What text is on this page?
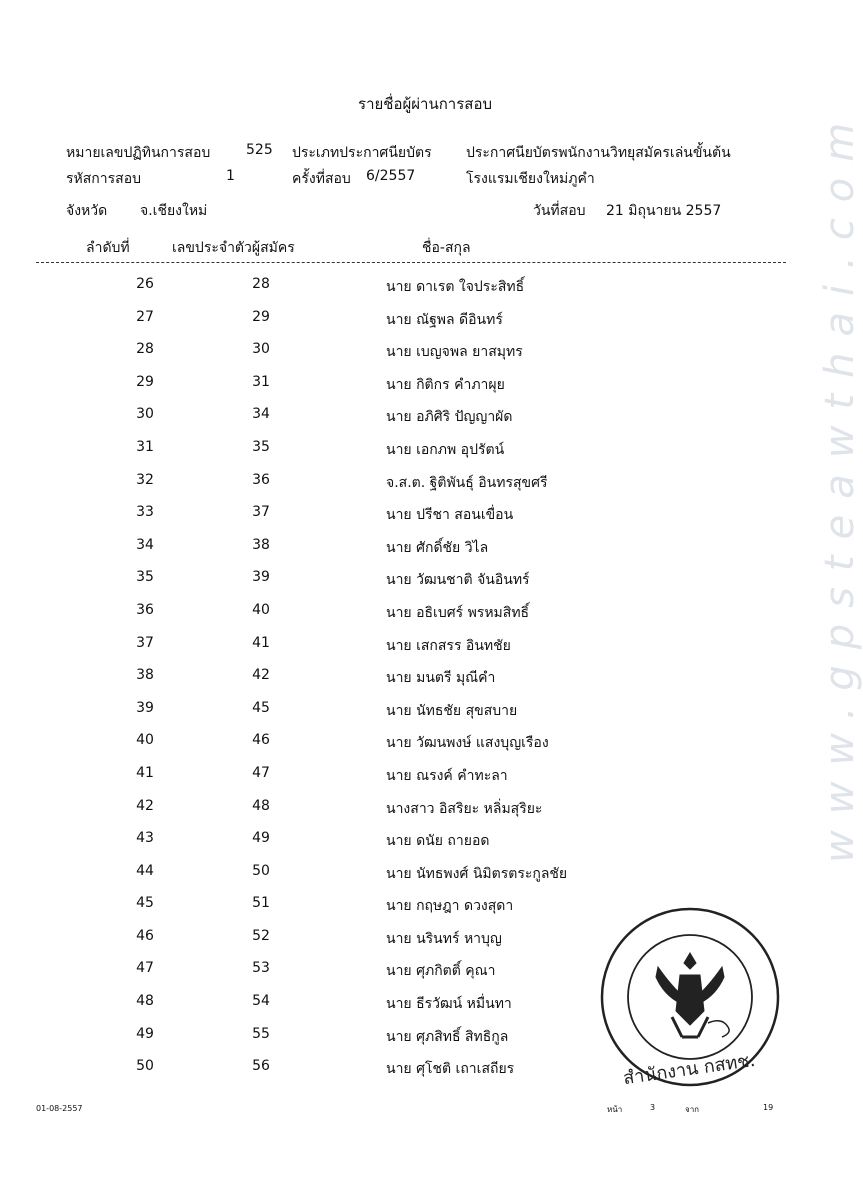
รายชื่อผู้ผ่านการสอบ
หมายเลขปฏิทินการสอบ	525 ประเภทประกาศนียบัตร ประกาศนียบัตรพนักงานวิทยุสมัครเล่นขั้นต้น
รหัสการสอบ	1	ครั้งที่สอบ 6/2557	โรงแรมเชียงใหม่ภูคำ
จังหวัด จ.เชียงใหม่	วันที่สอบ 21 มิถุนายน 2557
ลำดับที่	เลขประจำตัวผู้สมัคร	ชื่อ-สกุล
26	28	นาย ดาเรต ใจประสิทธิ์
27	29	นาย ณัฐพล ดีอินทร์
28	30	นาย เบญจพล ยาสมุทร
29	31	นาย กิติกร คำภาผุย
30	34	นาย อภิศิริ ปัญญาผัด
31	35	นาย เอกภพ อุปรัตน์
32	36	จ.ส.ต. ฐิติพันธุ์ อินทรสุขศรี
33	37	นาย ปรีชา สอนเขื่อน
34	38	นาย ศักดิ์ชัย วิไล
35	39	นาย วัฒนชาติ จันอินทร์
36	40	นาย อธิเบศร์ พรหมสิทธิ์
37	41	นาย เสกสรร อินทชัย
38	42	นาย มนตรี มุณีคำ
39	45	นาย นัทธชัย สุขสบาย
40	46	นาย วัฒนพงษ์ แสงบุญเรือง
41	47	นาย ณรงค์ คำทะลา
42	48	นางสาว อิสริยะ หลิ่มสุริยะ
43	49	นาย ดนัย ถายอด
44	50	นาย นัทธพงศ์ นิมิตรตระกูลชัย
45	51	นาย กฤษฎา ดวงสุดา
46	52	นาย นรินทร์ หาบุญ
47	53	นาย ศุภกิตติ์ คุณา
48	54	นาย ธีรวัฒน์ หมื่นทา
49	55	นาย ศุภสิทธิ์ สิทธิกูล
50	56	นาย ศุโชติ เถาเสถียร
www.gpsteawthai.com
สำนักงาน กสทช.
01-08-2557	หน้า	3	จาก	19
